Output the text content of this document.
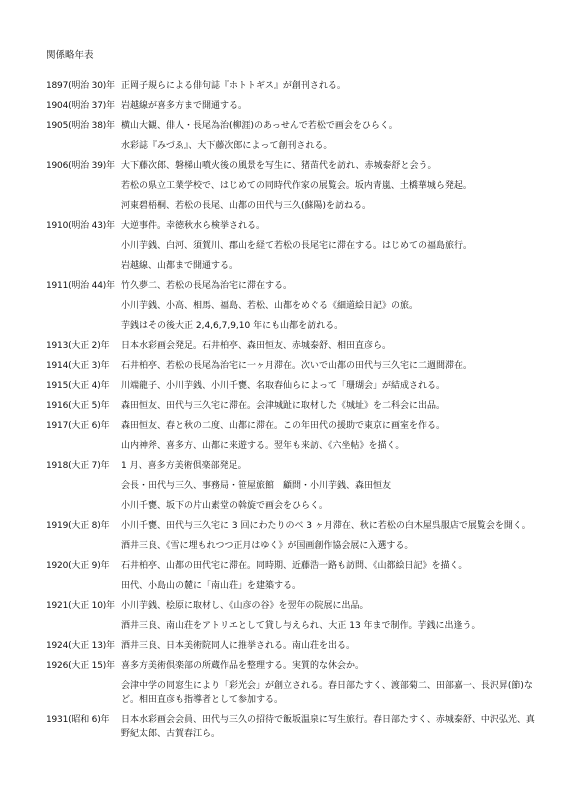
関係略年表
1897(明治 30)年 正岡子規らによる俳句誌『ホトトギス』が創刊される。
1904(明治 37)年 岩越線が喜多方まで開通する。
1905(明治 38)年 横山大観、俳人・長尾為治(柳涯)のあっせんで若松で画会をひらく。
水彩誌『みづゑ』、大下藤次郎によって創刊される。
1906(明治 39)年 大下藤次郎、磐梯山噴火後の風景を写生に、猪苗代を訪れ、赤城泰舒と会う。
若松の県立工業学校で、はじめての同時代作家の展覧会。坂内青嵐、土橋華城ら発起。
河東碧梧桐、若松の長尾、山都の田代与三久(蘇陽)を訪ねる。
1910(明治 43)年 大逆事件。幸徳秋水ら検挙される。
小川芋銭、白河、須賀川、郡山を経て若松の長尾宅に滞在する。はじめての福島旅行。
岩越線、山都まで開通する。
1911(明治 44)年 竹久夢二、若松の長尾為治宅に滞在する。
小川芋銭、小高、相馬、福島、若松、山都をめぐる《細道絵日記》の旅。
芋銭はその後大正 2,4,6,7,9,10 年にも山都を訪れる。
1913(大正 2)年	日本水彩画会発足。石井柏亭、森田恒友、赤城泰舒、相田直彦ら。
1914(大正 3)年	石井柏亭、若松の長尾為治宅に一ヶ月滞在。次いで山都の田代与三久宅に二週間滞在。
1915(大正 4)年	川端龍子、小川芋銭、小川千甕、名取春仙らによって「珊瑚会」が結成される。
1916(大正 5)年	森田恒友、田代与三久宅に滞在。会津城趾に取材した《城址》を二科会に出品。
1917(大正 6)年	森田恒友、春と秋の二度、山都に滞在。この年田代の援助で東京に画室を作る。
山内神斧、喜多方、山都に来遊する。翌年も来訪、《六坐帖》を描く。
1918(大正 7)年	1 月、喜多方美術倶楽部発足。
会長・田代与三久、事務局・笹屋旅館　顧問・小川芋銭、森田恒友
小川千甕、坂下の片山素堂の斡旋で画会をひらく。
1919(大正 8)年	小川千甕、田代与三久宅に 3 回にわたりのべ 3 ヶ月滞在、秋に若松の白木屋呉服店で展覧会を開く。
酒井三良、《雪に埋もれつつ正月はゆく》が国画創作協会展に入選する。
1920(大正 9)年	石井柏亭、山都の田代宅に滞在。同時期、近藤浩一路も訪問、《山都絵日記》を描く。
田代、小島山の麓に「南山荘」を建築する。
1921(大正 10)年 小川芋銭、桧原に取材し、《山彦の谷》を翌年の院展に出品。
酒井三良、南山荘をアトリエとして貸し与えられ、大正 13 年まで制作。芋銭に出逢う。
1924(大正 13)年 酒井三良、日本美術院同人に推挙される。南山荘を出る。
1926(大正 15)年 喜多方美術倶楽部の所蔵作品を整理する。実質的な休会か。
会津中学の同窓生により「彩光会」が創立される。春日部たすく、渡部菊二、田部嘉一、長沢昇(節)など。相田直彦も指導者として参加する。
1931(昭和 6)年	日本水彩画会会員、田代与三久の招待で飯坂温泉に写生旅行。春日部たすく、赤城泰舒、中沢弘光、真野紀太郎、古賀春江ら。
